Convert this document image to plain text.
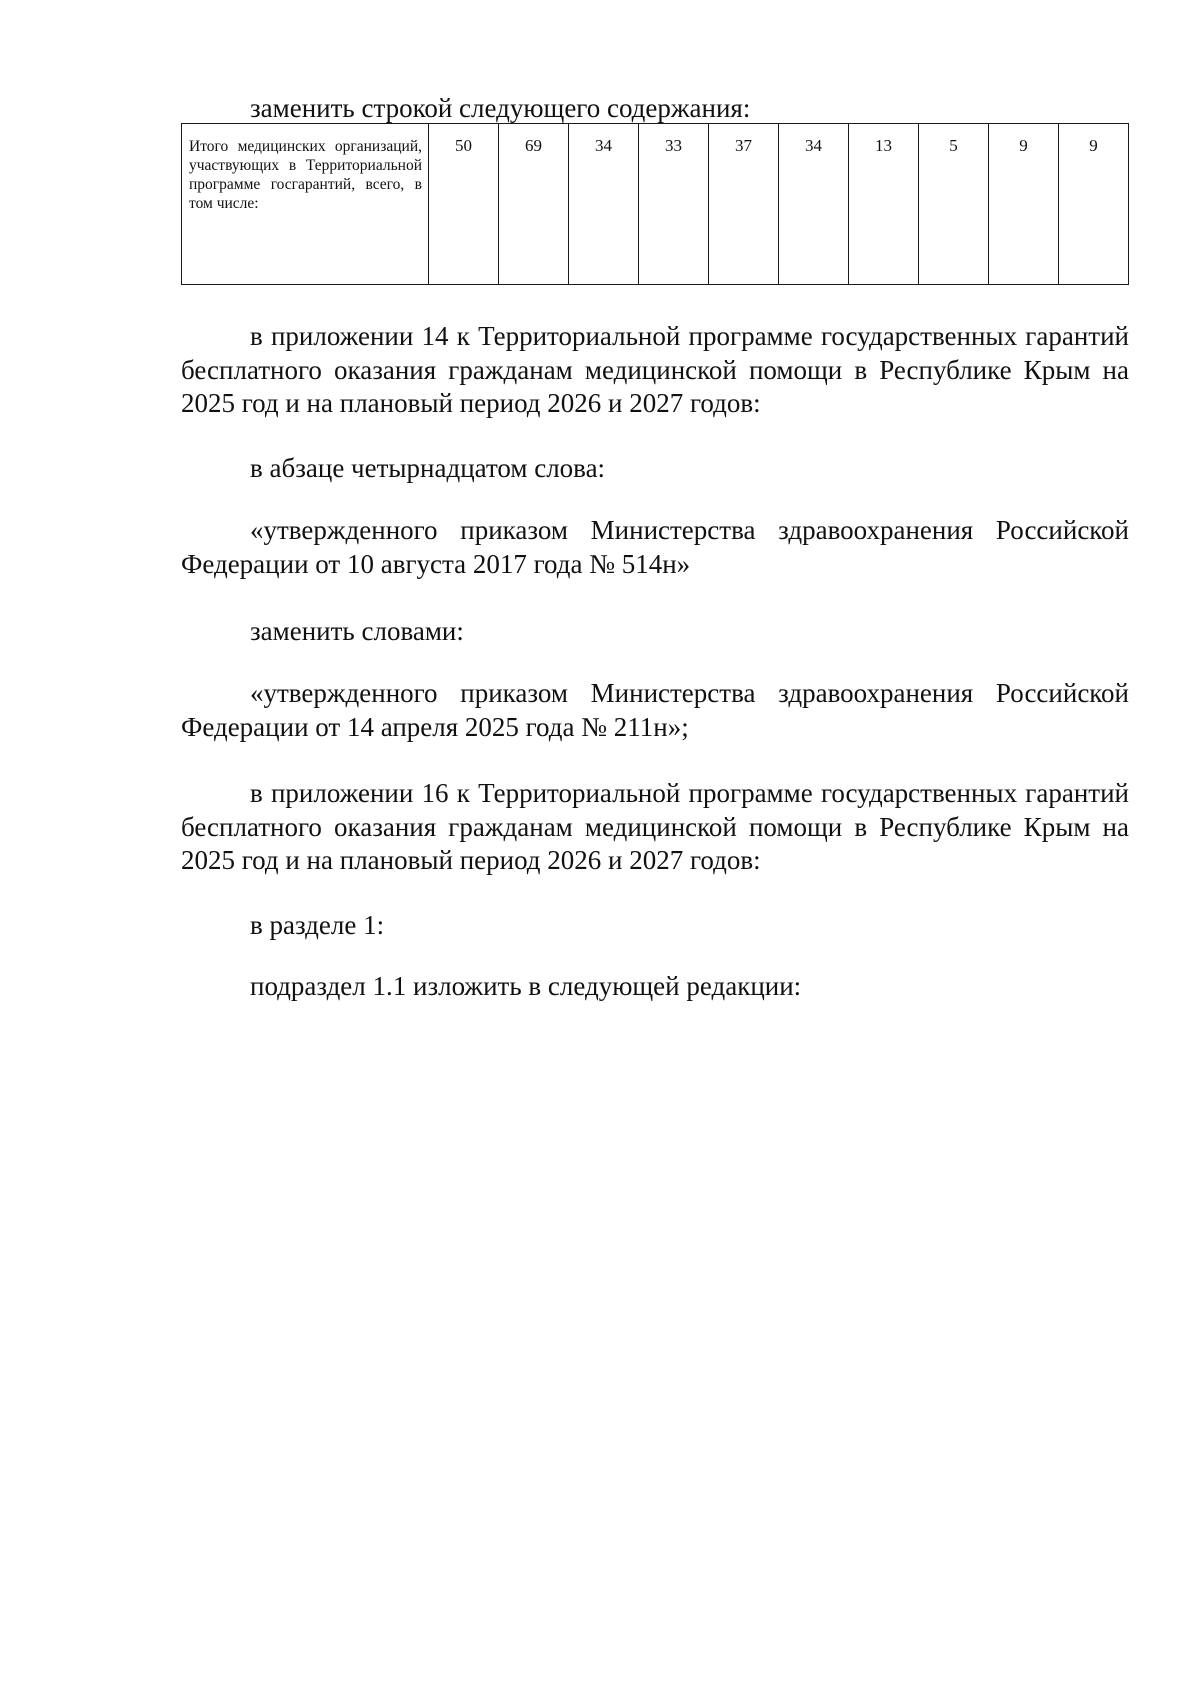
заменить строкой следующего содержания:
Итого медицинских организаций, участвующих в Территориальной программе госгарантий, всего, в том числе:	50	69	34	33	37	34	13	5	9	9

в приложении 14 к Территориальной программе государственных гарантий бесплатного оказания гражданам медицинской помощи в Республике Крым на 2025 год и на плановый период 2026 и 2027 годов:

в абзаце четырнадцатом слова:

«утвержденного приказом Министерства здравоохранения Российской Федерации от 10 августа 2017 года № 514н»

заменить словами:

«утвержденного приказом Министерства здравоохранения Российской Федерации от 14 апреля 2025 года № 211н»;

в приложении 16 к Территориальной программе государственных гарантий бесплатного оказания гражданам медицинской помощи в Республике Крым на 2025 год и на плановый период 2026 и 2027 годов:

в разделе 1:

подраздел 1.1 изложить в следующей редакции:
